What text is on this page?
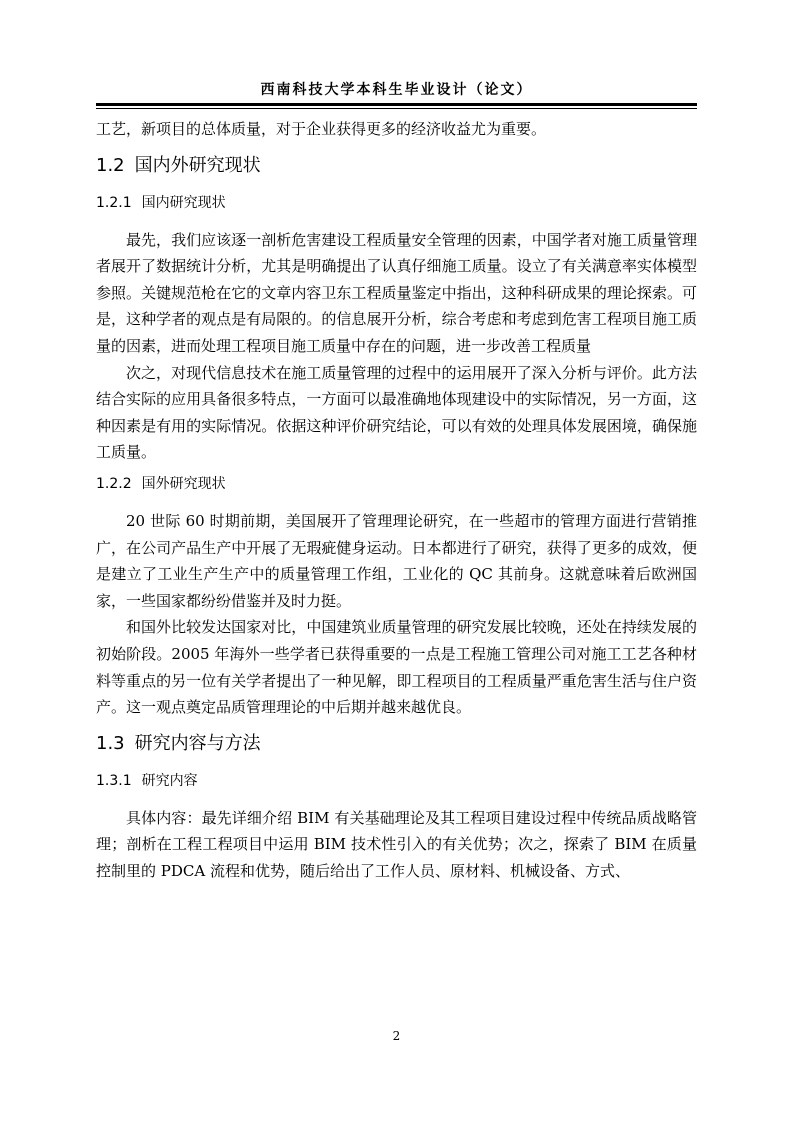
西南科技大学本科生毕业设计（论文）

工艺，新项目的总体质量，对于企业获得更多的经济收益尤为重要。

1.2 国内外研究现状
1.2.1 国内研究现状

最先，我们应该逐一剖析危害建设工程质量安全管理的因素，中国学者对施工质量管理者展开了数据统计分析，尤其是明确提出了认真仔细施工质量。设立了有关满意率实体模型参照。关键规范枪在它的文章内容卫东工程质量鉴定中指出，这种科研成果的理论探索。可是，这种学者的观点是有局限的。的信息展开分析，综合考虑和考虑到危害工程项目施工质量的因素，进而处理工程项目施工质量中存在的问题，进一步改善工程质量

次之，对现代信息技术在施工质量管理的过程中的运用展开了深入分析与评价。此方法结合实际的应用具备很多特点，一方面可以最准确地体现建设中的实际情况，另一方面，这种因素是有用的实际情况。依据这种评价研究结论，可以有效的处理具体发展困境，确保施工质量。

1.2.2 国外研究现状

20 世际 60 时期前期，美国展开了管理理论研究，在一些超市的管理方面进行营销推广，在公司产品生产中开展了无瑕疵健身运动。日本都进行了研究，获得了更多的成效，便是建立了工业生产生产中的质量管理工作组，工业化的 QC 其前身。这就意味着后欧洲国家，一些国家都纷纷借鉴并及时力挺。

和国外比较发达国家对比，中国建筑业质量管理的研究发展比较晚，还处在持续发展的初始阶段。2005 年海外一些学者已获得重要的一点是工程施工管理公司对施工工艺各种材料等重点的另一位有关学者提出了一种见解，即工程项目的工程质量严重危害生活与住户资产。这一观点奠定品质管理理论的中后期并越来越优良。

1.3 研究内容与方法
1.3.1 研究内容

具体内容：最先详细介绍 BIM 有关基础理论及其工程项目建设过程中传统品质战略管理；剖析在工程工程项目中运用 BIM 技术性引入的有关优势；次之，探索了 BIM 在质量控制里的 PDCA 流程和优势，随后给出了工作人员、原材料、机械设备、方式、

2
